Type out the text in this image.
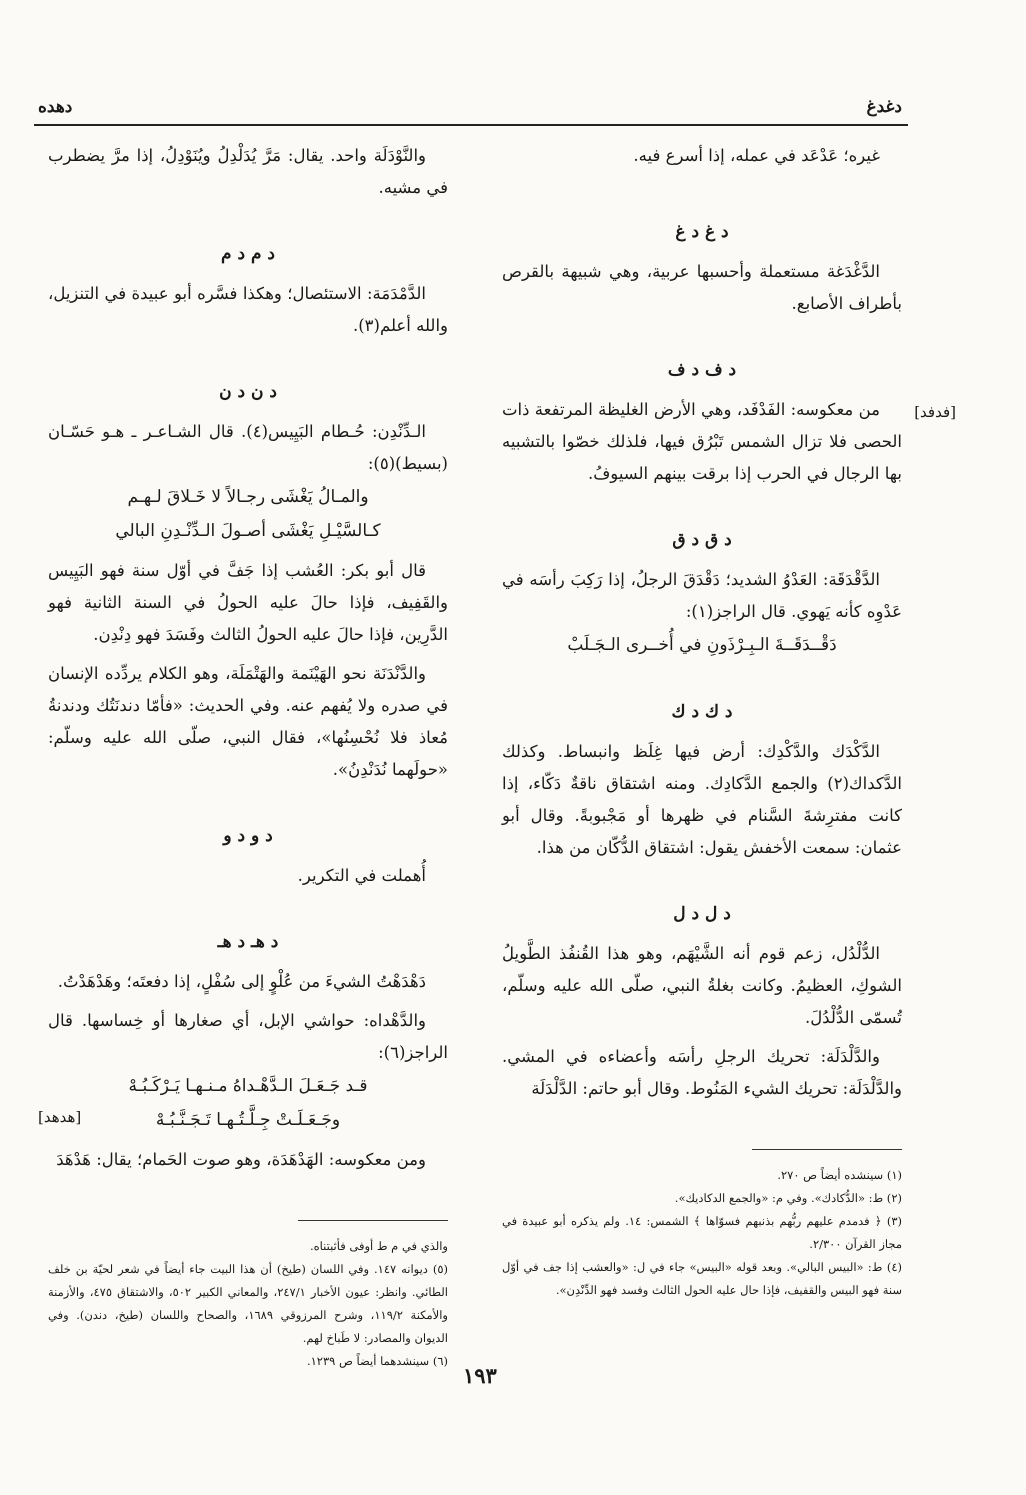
دغدغ
دهده

غيره؛ عَدْعَد في عمله، إذا أسرع فيه.

د غ د غ

الدَّغْدَغة مستعملة وأحسبها عربية، وهي شبيهة بالقرص بأطراف الأصابع.

د ف د ف

من معكوسه: الفَدْفَد، وهي الأرض الغليظة المرتفعة ذات الحصى فلا تزال الشمس تَبْرُق فيها، فلذلك خصّوا بالتشبيه بها الرجال في الحرب إذا برقت بينهم السيوفُ.

د ق د ق

الدَّقْدَقَة: العَدْوُ الشديد؛ دَقْدَقَ الرجلُ، إذا رَكِبَ رأسَه في عَدْوِه كأنه يَهوي. قال الراجز(١):

دَقْــدَقَــةَ الـبِـرْذَونِ في أُخــرى الـجَـلَبْ

د ك د ك

الدَّكْدَك والدَّكْدِك: أرض فيها غِلَظ وانبساط. وكذلك الدَّكداك(٢) والجمع الدَّكادِك. ومنه اشتقاق ناقةٌ دَكّاء، إذا كانت مفترِشةَ السَّنام في ظهرها أو مَجْبوبةً. وقال أبو عثمان: سمعت الأخفش يقول: اشتقاق الدُّكّان من هذا.

د ل د ل

الدُّلْدُل، زعم قوم أنه الشَّيْهَم، وهو هذا القُنفُذ الطَّويلُ الشوكِ، العظيمُ. وكانت بغلةُ النبي، صلّى الله عليه وسلّم، تُسمّى الدُّلْدُلَ.

والدَّلْدَلَة: تحريك الرجلِ رأسَه وأعضاءه في المشي. والدَّلْدَلَة: تحريك الشيء المَنُوط. وقال أبو حاتم: الدَّلْدَلَة

(١) سينشده أيضاً ص ٢٧٠.

(٢) ط: «الدُّكادك». وفي م: «والجمع الدكاديك».

(٣) ﴿ فدمدم عليهم ربُّهم بذنبهم فسوّاها ﴾ الشمس: ١٤. ولم يذكره أبو عبيدة في مجاز القرآن ٢/٣٠٠.

(٤) ط: «البيس البالي». وبعد قوله «البيس» جاء في ل: «والعشب إذا جف في أوّل سنة فهو البيس والقفيف، فإذا حال عليه الحول الثالث وفسد فهو الدِّنْدِن».

والنَّوْدَلَة واحد. يقال: مَرَّ يُدَلْدِلُ ويُنَوْدِلُ، إذا مرَّ يضطرب في مشيه.

د م د م

الدَّمْدَمَة: الاستئصال؛ وهكذا فسَّره أبو عبيدة في التنزيل، والله أعلم(٣).

د ن د ن

الـدِّنْدِن: حُـطام البَيِيس(٤). قال الشـاعـر ـ هـو حَسّـان (بسيط)(٥):

والمـالُ يَغْشَى رجـالاً لا خَـلاقَ لـهـم

كـالسَّيْـلِ يَغْشَى أصـولَ الـدِّنْـدِنِ البالي

قال أبو بكر: العُشب إذا جَفَّ في أوّل سنة فهو البَيِيس والقَفِيف، فإذا حالَ عليه الحولُ في السنة الثانية فهو الدَّرِين، فإذا حالَ عليه الحولُ الثالث وفَسَدَ فهو دِنْدِن.

والدَّنْدَنَة نحو الهَيْنَمة والهَتْمَلَة، وهو الكلام يردِّده الإنسان في صدره ولا يُفهم عنه. وفي الحديث: «فأمّا دندنَتُك ودندنةُ مُعاذ فلا نُحْسِنُها»، فقال النبي، صلّى الله عليه وسلّم: «حولَهما نُدَنْدِنُ».

د و د و

أُهملت في التكرير.

د هـ د هـ

دَهْدَهْتُ الشيءَ من عُلْوٍ إلى سُفْلٍ، إذا دفعتَه؛ وهَدْهَدْتُ.

والدَّهْداه: حواشي الإبل، أي صغارها أو خِساسها. قال الراجز(٦):

قـد جَـعَـلَ الـدَّهْـداهُ مـنـهـا يَـرْكَـبُـهْ

وجَـعَـلَـتْ جِـلَّـتُـهـا تَـجَـنَّـبُـهْ

ومن معكوسه: الهَدْهَدَة، وهو صوت الحَمام؛ يقال: هَدْهَدَ

والذي في م ط أوفى فأثبتناه.

(٥) ديوانه ١٤٧. وفي اللسان (طيخ) أن هذا البيت جاء أيضاً في شعر لحيّة بن خلف الطائي. وانظر: عيون الأخبار ٢٤٧/١، والمعاني الكبير ٥٠٢، والاشتقاق ٤٧٥، والأزمنة والأمكنة ١١٩/٢، وشرح المرزوقي ١٦٨٩، والصحاح واللسان (طيخ، دندن). وفي الديوان والمصادر: لا طَباخ لهم.

(٦) سينشدهما أيضاً ص ١٢٣٩.

[فدفد]
[هدهد]
١٩٣
